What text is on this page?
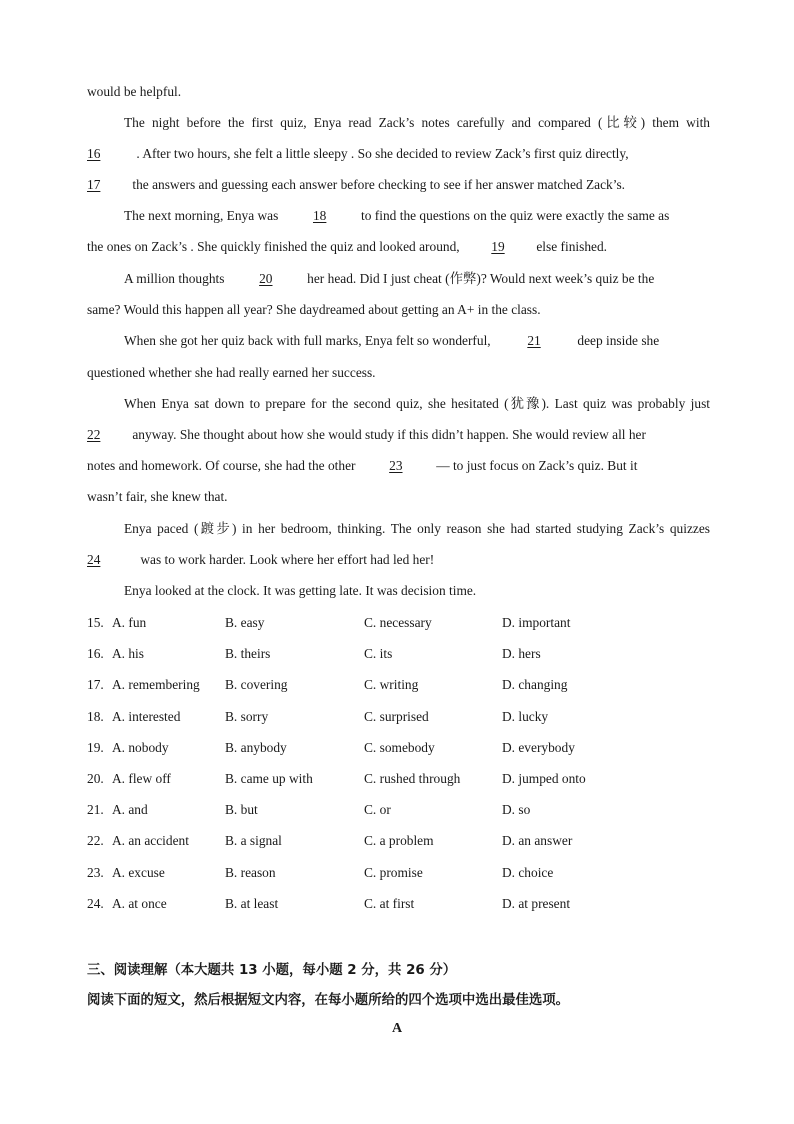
would be helpful.
The night before the first quiz, Enya read Zack’s notes carefully and compared (比较) them with
16	. After two hours, she felt a little sleepy . So she decided to review Zack’s first quiz directly,
17 the answers and guessing each answer before checking to see if her answer matched Zack’s.
The next morning, Enya was	18	to find the questions on the quiz were exactly the same as
the ones on Zack’s . She quickly finished the quiz and looked around, 19 else finished.
A million thoughts	20	her head. Did I just cheat (作弊)? Would next week’s quiz be the
same? Would this happen all year? She daydreamed about getting an A+ in the class.
When she got her quiz back with full marks, Enya felt so wonderful,	21	deep inside she
questioned whether she had really earned her success.
When Enya sat down to prepare for the second quiz, she hesitated (犹豫). Last quiz was probably just
22 anyway. She thought about how she would study if this didn’t happen. She would review all her
notes and homework. Of course, she had the other	23	— to just focus on Zack’s quiz. But it
wasn’t fair, she knew that.
Enya paced (踱步) in her bedroom, thinking. The only reason she had started studying Zack’s quizzes
24	was to work harder. Look where her effort had led her!
Enya looked at the clock. It was getting late. It was decision time.
15. A. fun	B. easy	C. necessary	D. important
16. A. his	B. theirs	C. its	D. hers
17. A. remembering B. covering	C. writing	D. changing
18. A. interested	B. sorry	C. surprised	D. lucky
19. A. nobody	B. anybody	C. somebody	D. everybody
20. A. flew off	B. came up with	C. rushed through	D. jumped onto
21. A. and	B. but	C. or	D. so
22. A. an accident	B. a signal	C. a problem	D. an answer
23. A. excuse	B. reason	C. promise	D. choice
24. A. at once	B. at least	C. at first	D. at present
三、阅读理解（本大题共 13 小题，每小题 2 分，共 26 分）
阅读下面的短文，然后根据短文内容，在每小题所给的四个选项中选出最佳选项。
A
